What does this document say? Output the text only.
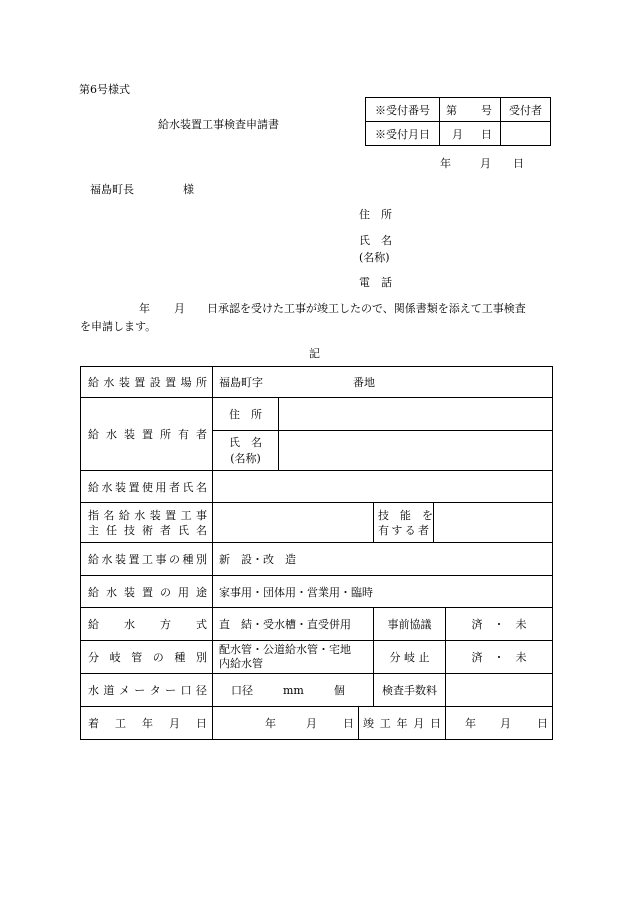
第6号様式
給水装置工事検査申請書
※受付番号	第 号	受付者
※受付月日	月 日	

年	月 日
福島町長	様
住　所
氏　名
(名称)
電　話
年 月 日承認を受けた工事が竣工したので、関係書類を添えて工事検査
を申請します。
記
給水装置設置場所	福島町字 番地					
給水装置所有者	住　所					

	氏　名
(名称)					

給水装置使用者氏名						

指名給水装置工事
主任技術者氏名				技　能　を
有する者		

給水装置工事の種別	新　設・改　造					
給水装置の用途	家事用・団体用・営業用・臨時					
給水方式	直　結・受水槽・直受併用			事前協議		済　・　未
分岐管の種別	配水管・公道給水管・宅地
内給水管			分 岐 止		済　・　未
水道メーター口径	口径 mm 個			検査手数料		
着工年月日	年 月 日		竣工年月日			年 月 日
